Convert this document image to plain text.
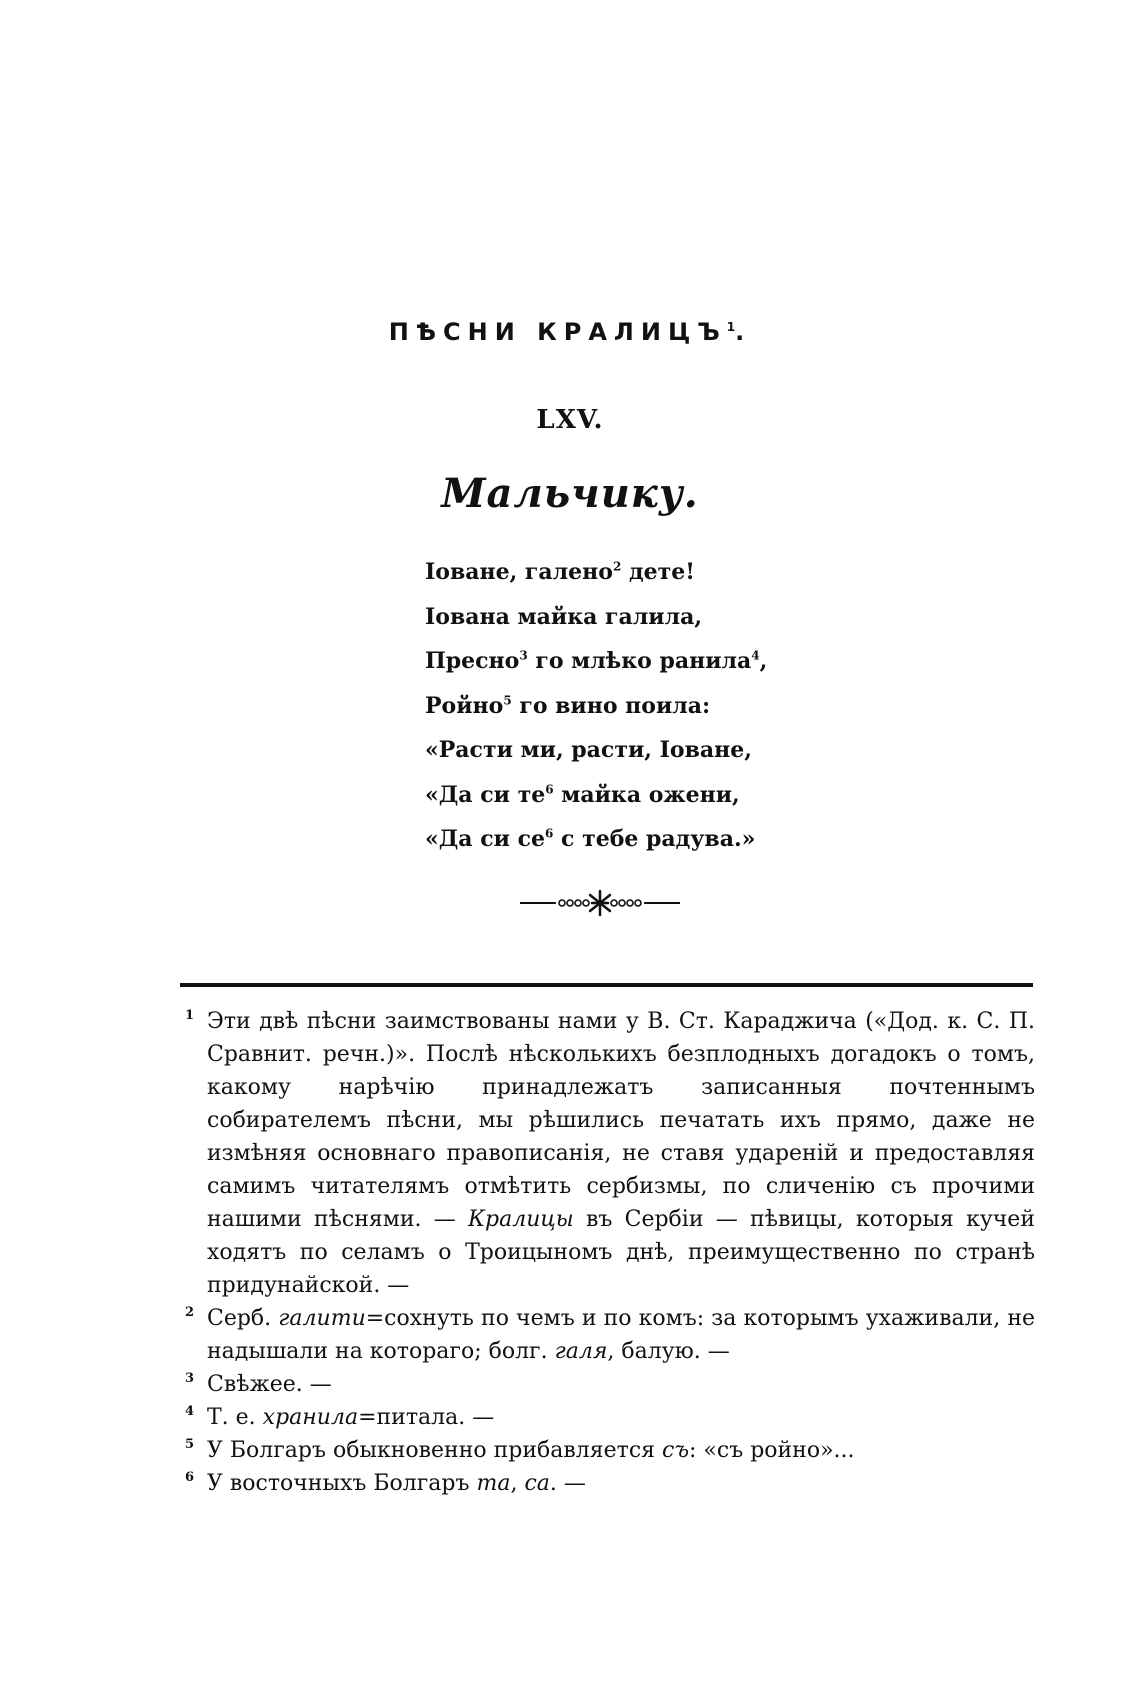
ПѢСНИ КРАЛИЦЪ$^1$.
LXV.
Мальчику.
Іоване, галено$^2$ дете!
Іована майка галила,
Пресно$^3$ го млѣко ранила$^4$,
Ройно$^5$ го вино поила:
«Расти ми, расти, Іоване,
«Да си $те^6$ майка ожени,
«Да си $се^6$ с тебе радува.»
1 Эти двѣ пѣсни заимствованы нами у В. Ст. Караджича («Дод. к. С. П. Сравнит. речн.)». Послѣ нѣсколькихъ безплодныхъ догадокъ о томъ, какому нарѣчію принадлежатъ записанныя почтеннымъ собирателемъ пѣсни, мы рѣшились печатать ихъ прямо, даже не измѣняя основнаго правописанія, не ставя удареній и предоставляя самимъ читателямъ отмѣтить сербизмы, по сличенію съ прочими нашими пѣснями. — Кралицы въ Сербіи — пѣвицы, которыя кучей ходятъ по селамъ о Троицыномъ днѣ, преимущественно по странѣ придунайской. —
2 Серб. галити=сохнуть по чемъ и по комъ: за которымъ ухаживали, не надышали на котораго; болг. галя, балую. —
3 Свѣжее. —
4 Т. е. хранила=питала. —
5 У Болгаръ обыкновенно прибавляется съ: «съ ройно»...
6 У восточныхъ Болгаръ та, са. —
